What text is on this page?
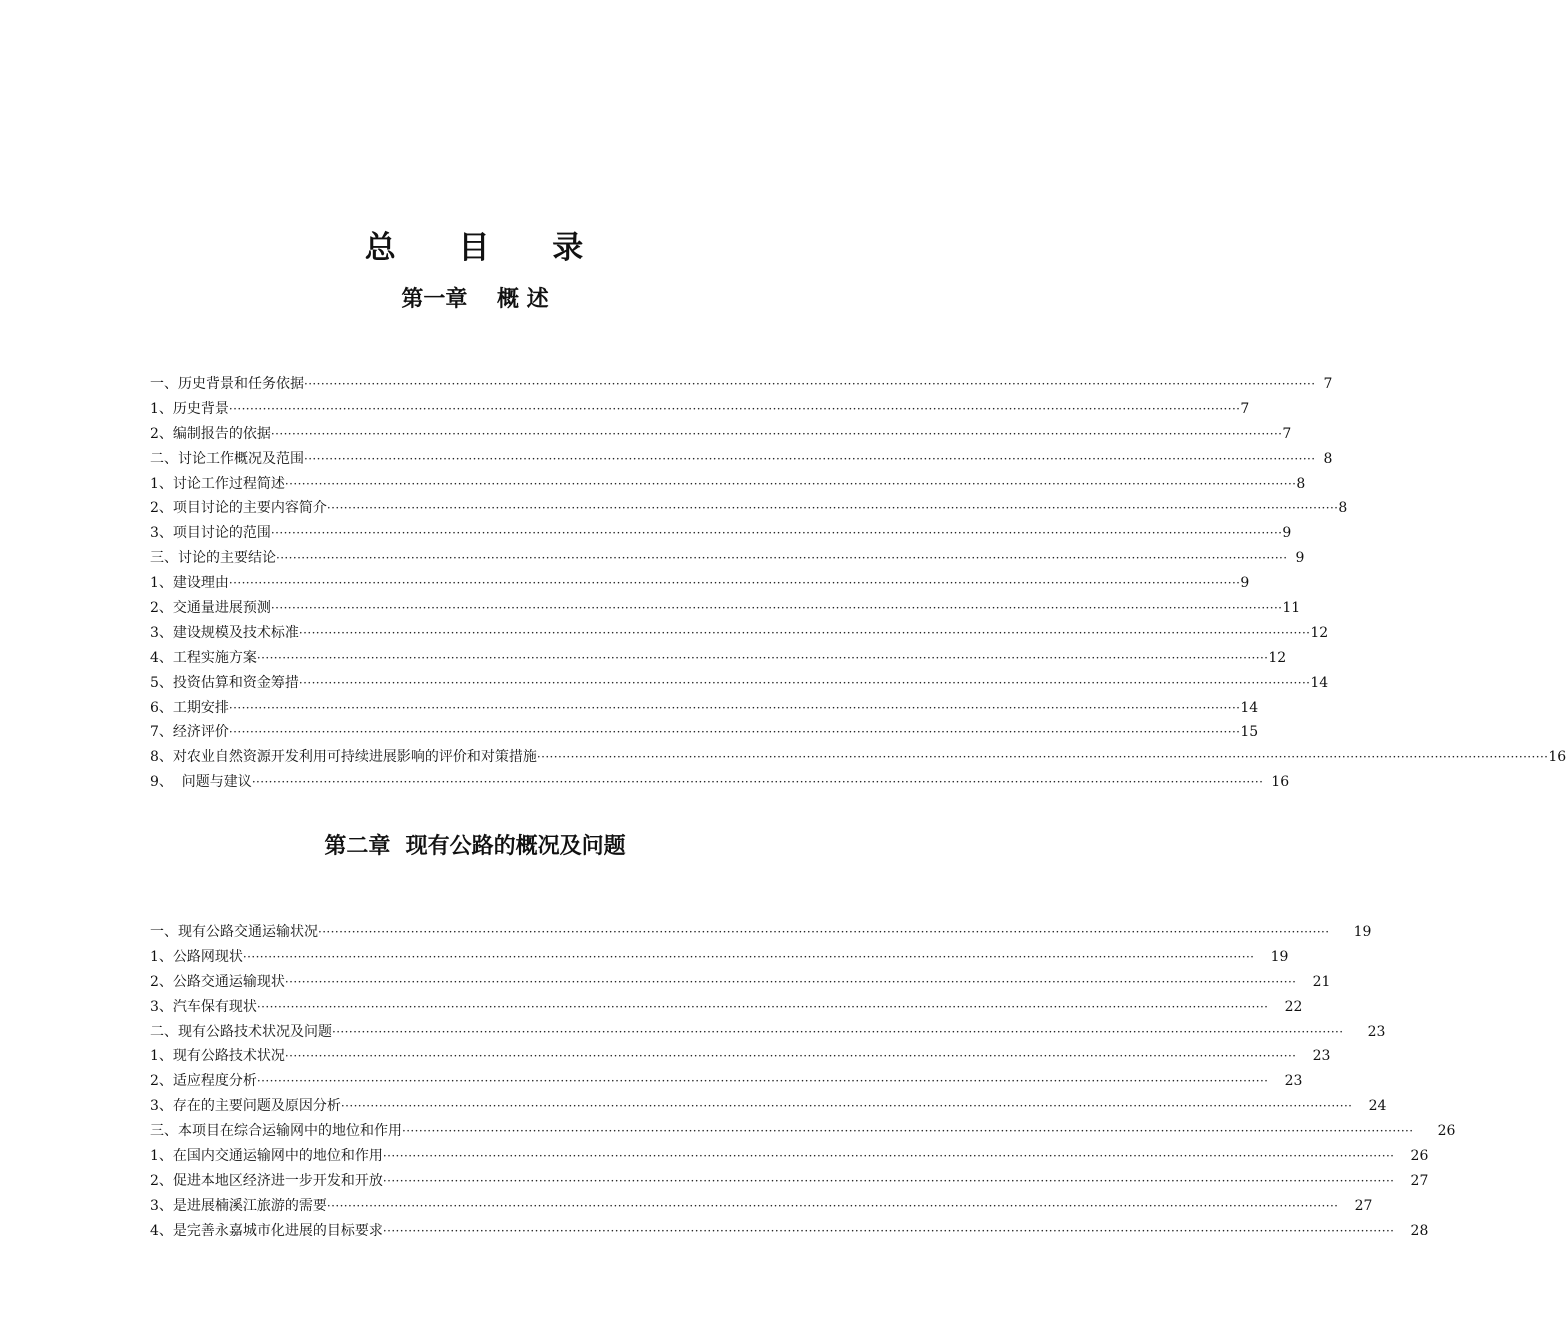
总 目 录
第一章　 概 述
一、历史背景和任务依据 ················································································································································································································································ 7
1、历史背景 ················································································································································································································································ 7
2、编制报告的依据 ················································································································································································································································ 7
二、讨论工作概况及范围 ················································································································································································································································ 8
1、讨论工作过程简述 ················································································································································································································································ 8
2、项目讨论的主要内容简介 ················································································································································································································································ 8
3、项目讨论的范围 ················································································································································································································································ 9
三、讨论的主要结论 ················································································································································································································································ 9
1、建设理由 ················································································································································································································································ 9
2、交通量进展预测 ················································································································································································································································ 11
3、建设规模及技术标准 ················································································································································································································································ 12
4、工程实施方案 ················································································································································································································································ 12
5、投资估算和资金筹措 ················································································································································································································································ 14
6、工期安排 ················································································································································································································································ 14
7、经济评价 ················································································································································································································································ 15
8、对农业自然资源开发利用可持续进展影响的评价和对策措施 ················································································································································································································································ 16
9、  问题与建议 ················································································································································································································································ 16
第二章  现有公路的概况及问题
一、现有公路交通运输状况 ················································································································································································································································	19
1、公路网现状 ················································································································································································································································	19
2、公路交通运输现状 ················································································································································································································································	21
3、汽车保有现状 ················································································································································································································································	22
二、现有公路技术状况及问题 ················································································································································································································································	23
1、现有公路技术状况 ················································································································································································································································	23
2、适应程度分析 ················································································································································································································································	23
3、存在的主要问题及原因分析 ················································································································································································································································	24
三、本项目在综合运输网中的地位和作用 ················································································································································································································································	26
1、在国内交通运输网中的地位和作用 ················································································································································································································································	26
2、促进本地区经济进一步开发和开放 ················································································································································································································································	27
3、是进展楠溪江旅游的需要 ················································································································································································································································	27
4、是完善永嘉城市化进展的目标要求 ················································································································································································································································	28
